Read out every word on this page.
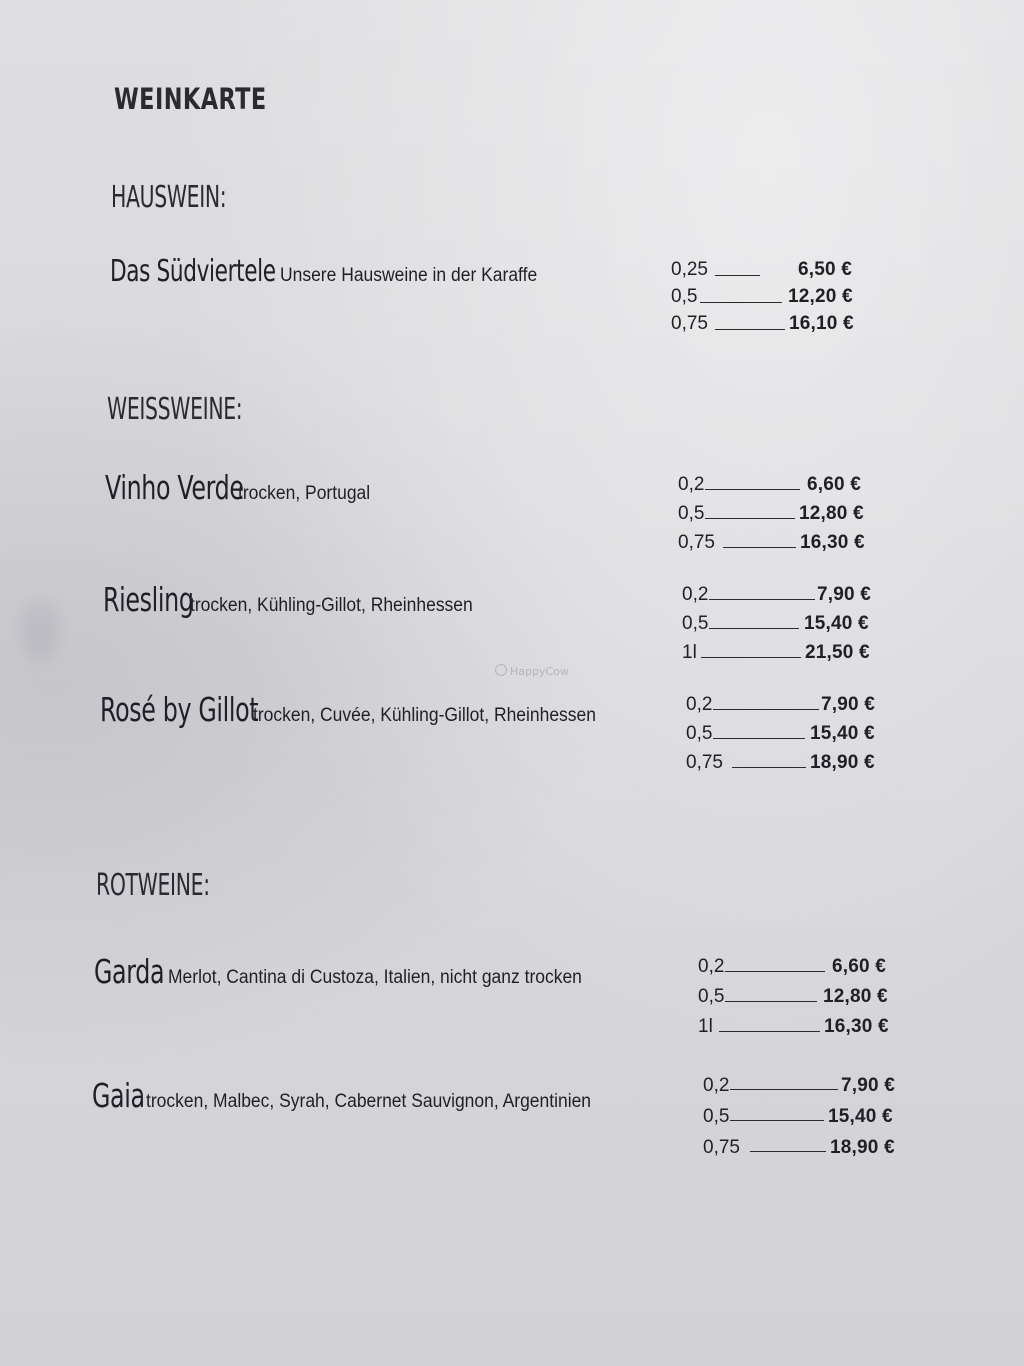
WEINKARTE
HAUSWEIN:
Das Südviertele Unsere Hausweine in der Karaffe	0,25	6,50 €
0,5	12,20 €
0,75	16,10 €
WEISSWEINE:
Vinho Verdetrocken, Portugal	0,2	6,60 €
0,5	12,80 €
0,75	16,30 €
Rieslingtrocken, Kühling-Gillot, Rheinhessen
0,2	7,90 €
0,5	15,40 €
1l	21,50 €
Rosé by Gillottrocken, Cuvée, Kühling-Gillot, Rheinhessen
0,2	7,90 €
0,5	15,40 €
0,75	18,90 €
HappyCow
ROTWEINE:
Garda Merlot, Cantina di Custoza, Italien, nicht ganz trocken
0,2	6,60 €
0,5	12,80 €
1l	16,30 €
Gaiatrocken, Malbec, Syrah, Cabernet Sauvignon, Argentinien
0,2	7,90 €
0,5	15,40 €
0,75	18,90 €
